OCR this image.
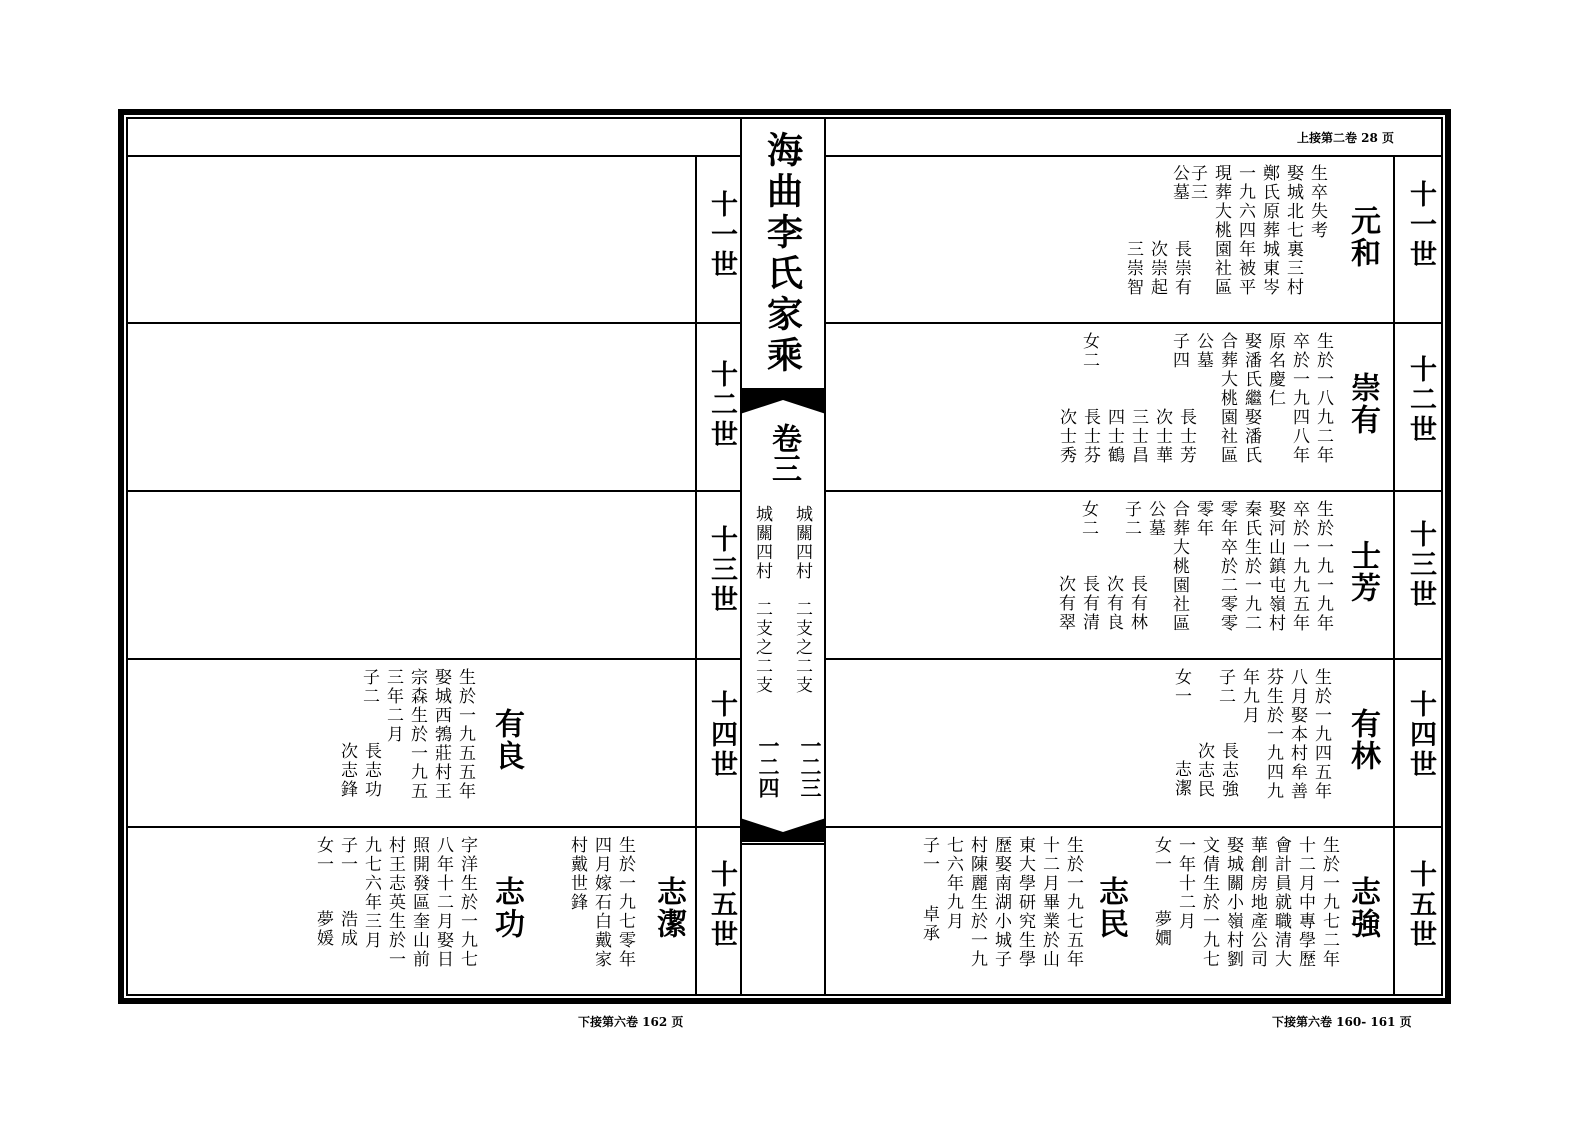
上接第二卷 28 页
海曲李氏家乘
卷三
城關四村　二支之二支
城關四村　二支之二支
一二三
一二四
十一世
十二世
十三世
十四世
十五世
十一世
十二世
十三世
十四世
十五世
元和
公墓	生卒失考
娶城北七裏三村
鄭氏原葬城東岑
一九六四年被平
現葬大桃園社區
子三
長崇有
次崇起
三崇智
崇有
生於一八九二年
卒於一九四八年
原名慶仁
娶潘氏繼娶潘氏
合葬大桃園社區
公墓
子四
女二
長士芳
次士華
三士昌
四士鶴
長士芬
次士秀
士芳
生於一九一九年
卒於一九九五年
娶河山鎮屯嶺村
秦氏生於一九二
零年卒於二零零
零年
合葬大桃園社區
公墓
子二
女二
長有林
次有良
長有清
次有翠
有林
生於一九四五年
八月娶本村牟善
芬生於一九四九
年九月
子二
女一
長志強
次志民
志潔
志強
生於一九七二年
十二月中專學歷
會計員就職清大
華創房地產公司
娶城關小嶺村劉
文倩生於一九七
一年十二月
女一
夢嫺
志民
生於一九七五年
十二月畢業於山
東大學研究生學
歷娶南湖小城子
村陳麗生於一九
七六年九月
子一
卓承
有良
生於一九五五年
娶城西鵓莊村王
宗森生於一九五
三年二月
子二
長志功
次志鋒
志潔
生於一九七零年
四月嫁石白戴家
村戴世鋒
志功
字洋生於一九七
八年十二月娶日
照開發區奎山前
村王志英生於一
九七六年三月
子一
女一
浩成
夢媛
下接第六卷 162 页	下接第六卷 160- 161 页
